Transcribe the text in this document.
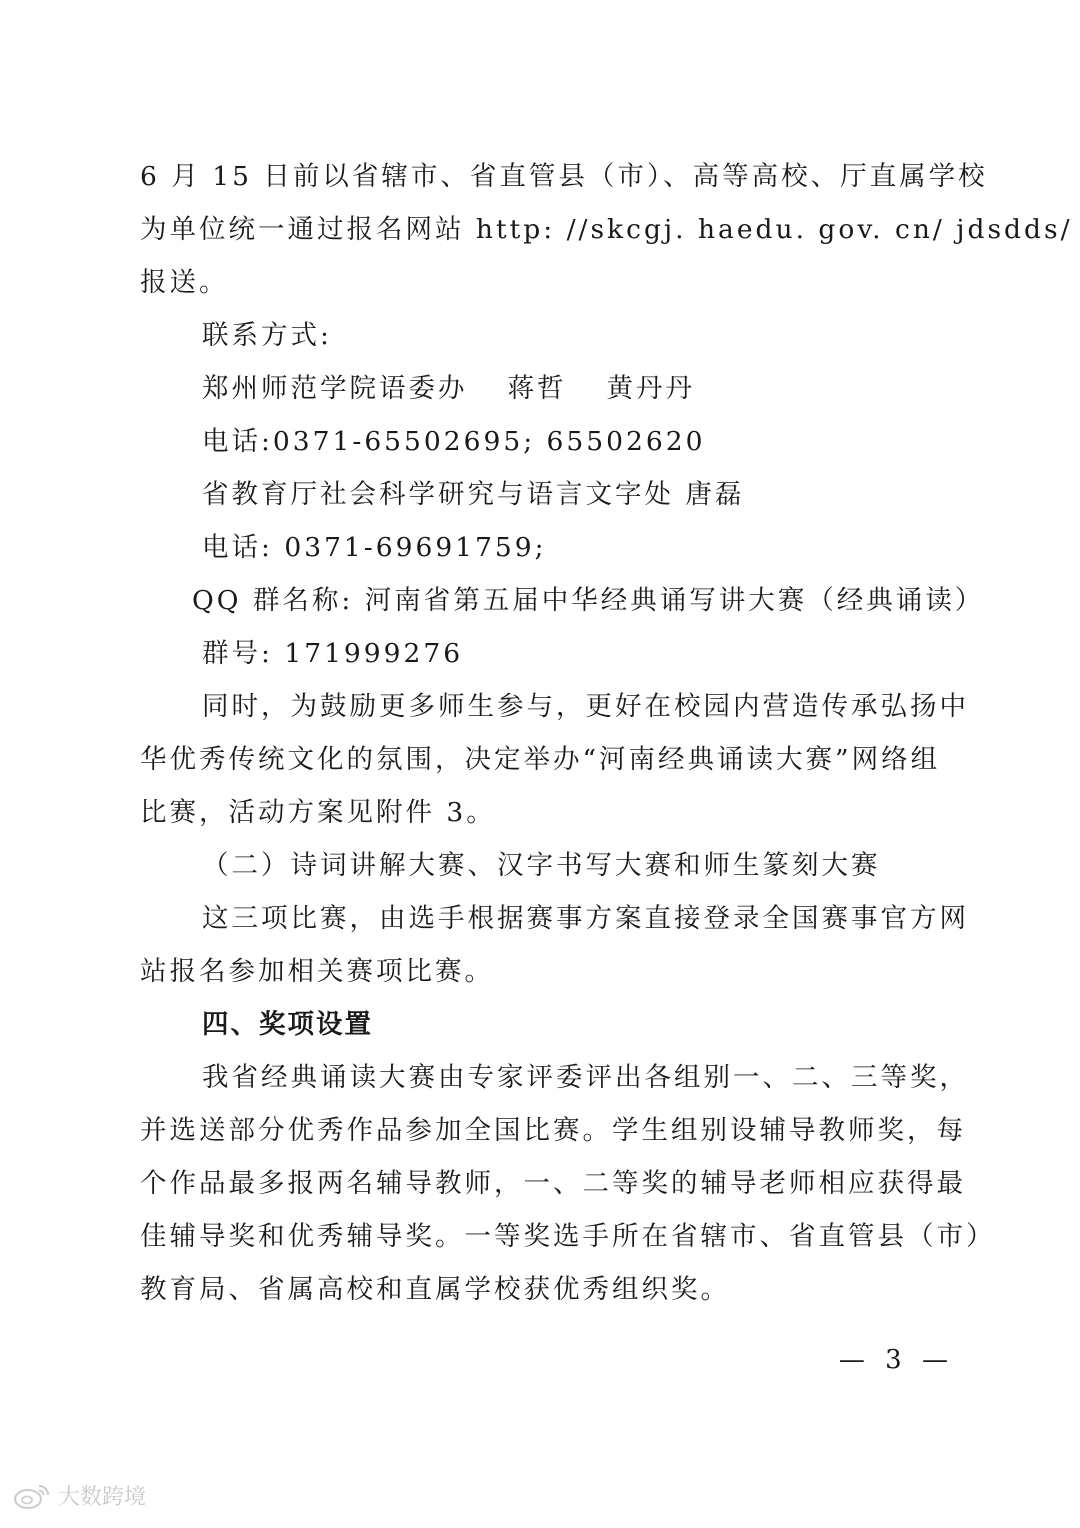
6 月 15 日前以省辖市、省直管县（市）、高等高校、厅直属学校
为单位统一通过报名网站 http: //skcgj. haedu. gov. cn/ jdsdds/
报送。
联系方式:
郑州师范学院语委办 蒋哲 黄丹丹
电话:0371-65502695; 65502620
省教育厅社会科学研究与语言文字处 唐磊
电话: 0371-69691759;
QQ 群名称: 河南省第五届中华经典诵写讲大赛（经典诵读）
群号: 171999276
同时，为鼓励更多师生参与，更好在校园内营造传承弘扬中
华优秀传统文化的氛围，决定举办“河南经典诵读大赛”网络组
比赛，活动方案见附件 3。
（二）诗词讲解大赛、汉字书写大赛和师生篆刻大赛
这三项比赛，由选手根据赛事方案直接登录全国赛事官方网
站报名参加相关赛项比赛。
四、奖项设置
我省经典诵读大赛由专家评委评出各组别一、二、三等奖，
并选送部分优秀作品参加全国比赛。学生组别设辅导教师奖，每
个作品最多报两名辅导教师，一、二等奖的辅导老师相应获得最
佳辅导奖和优秀辅导奖。一等奖选手所在省辖市、省直管县（市）
教育局、省属高校和直属学校获优秀组织奖。
— 3 —
大数跨境
